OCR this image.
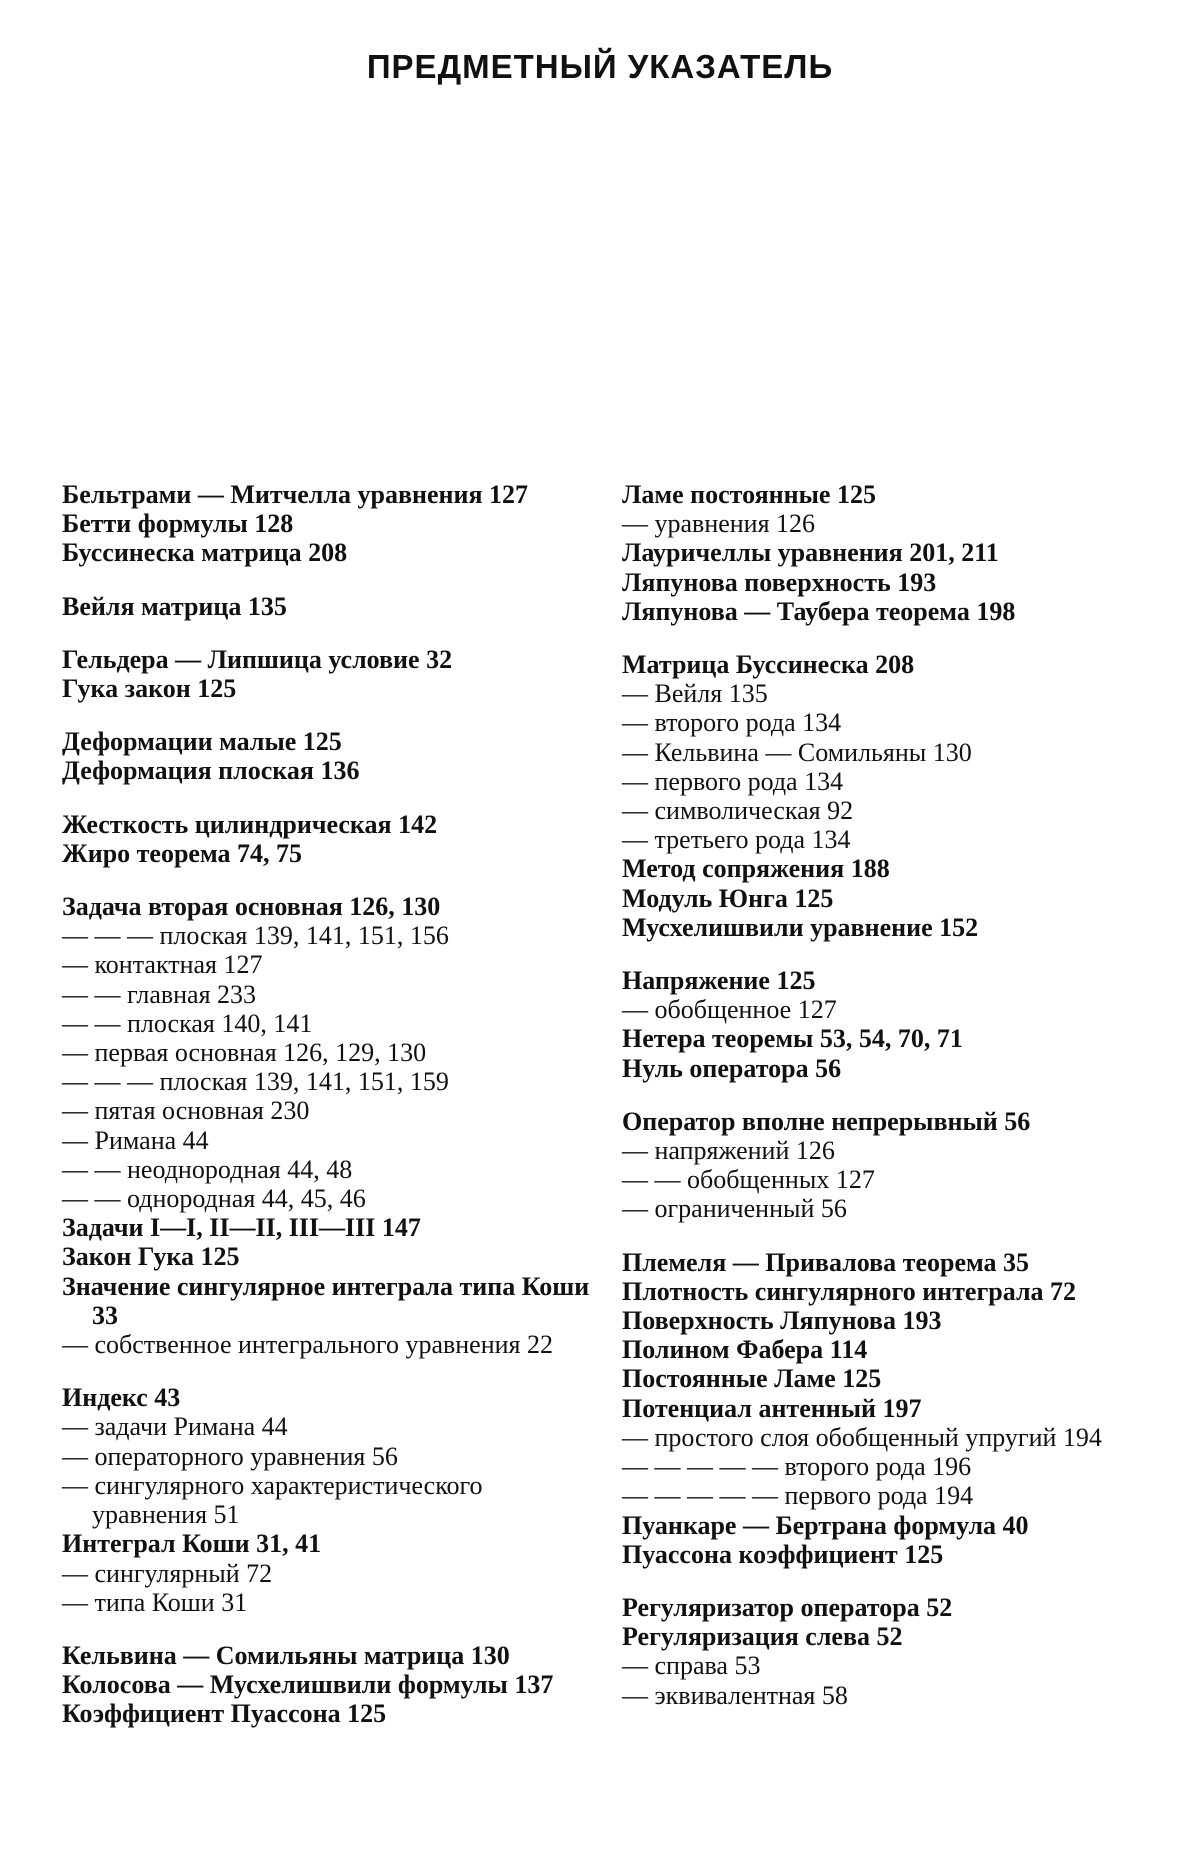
ПРЕДМЕТНЫЙ УКАЗАТЕЛЬ
Бельтрами — Митчелла уравнения 127
Бетти формулы 128
Буссинеска матрица 208
Вейля матрица 135
Гельдера — Липшица условие 32
Гука закон 125
Деформации малые 125
Деформация плоская 136
Жесткость цилиндрическая 142
Жиро теорема 74, 75
Задача вторая основная 126, 130
— — — плоская 139, 141, 151, 156
— контактная 127
— — главная 233
— — плоская 140, 141
— первая основная 126, 129, 130
— — — плоская 139, 141, 151, 159
— пятая основная 230
— Римана 44
— — неоднородная 44, 48
— — однородная 44, 45, 46
Задачи I—I, II—II, III—III 147
Закон Гука 125
Значение сингулярное интеграла типа Коши 33
— собственное интегрального уравнения 22
Индекс 43
— задачи Римана 44
— операторного уравнения 56
— сингулярного характеристического уравнения 51
Интеграл Коши 31, 41
— сингулярный 72
— типа Коши 31
Кельвина — Сомильяны матрица 130
Колосова — Мусхелишвили формулы 137
Коэффициент Пуассона 125
Ламе постоянные 125
— уравнения 126
Лауричеллы уравнения 201, 211
Ляпунова поверхность 193
Ляпунова — Таубера теорема 198
Матрица Буссинеска 208
— Вейля 135
— второго рода 134
— Кельвина — Сомильяны 130
— первого рода 134
— символическая 92
— третьего рода 134
Метод сопряжения 188
Модуль Юнга 125
Мусхелишвили уравнение 152
Напряжение 125
— обобщенное 127
Нетера теоремы 53, 54, 70, 71
Нуль оператора 56
Оператор вполне непрерывный 56
— напряжений 126
— — обобщенных 127
— ограниченный 56
Племеля — Привалова теорема 35
Плотность сингулярного интеграла 72
Поверхность Ляпунова 193
Полином Фабера 114
Постоянные Ламе 125
Потенциал антенный 197
— простого слоя обобщенный упругий 194
— — — — — второго рода 196
— — — — — первого рода 194
Пуанкаре — Бертрана формула 40
Пуассона коэффициент 125
Регуляризатор оператора 52
Регуляризация слева 52
— справа 53
— эквивалентная 58
